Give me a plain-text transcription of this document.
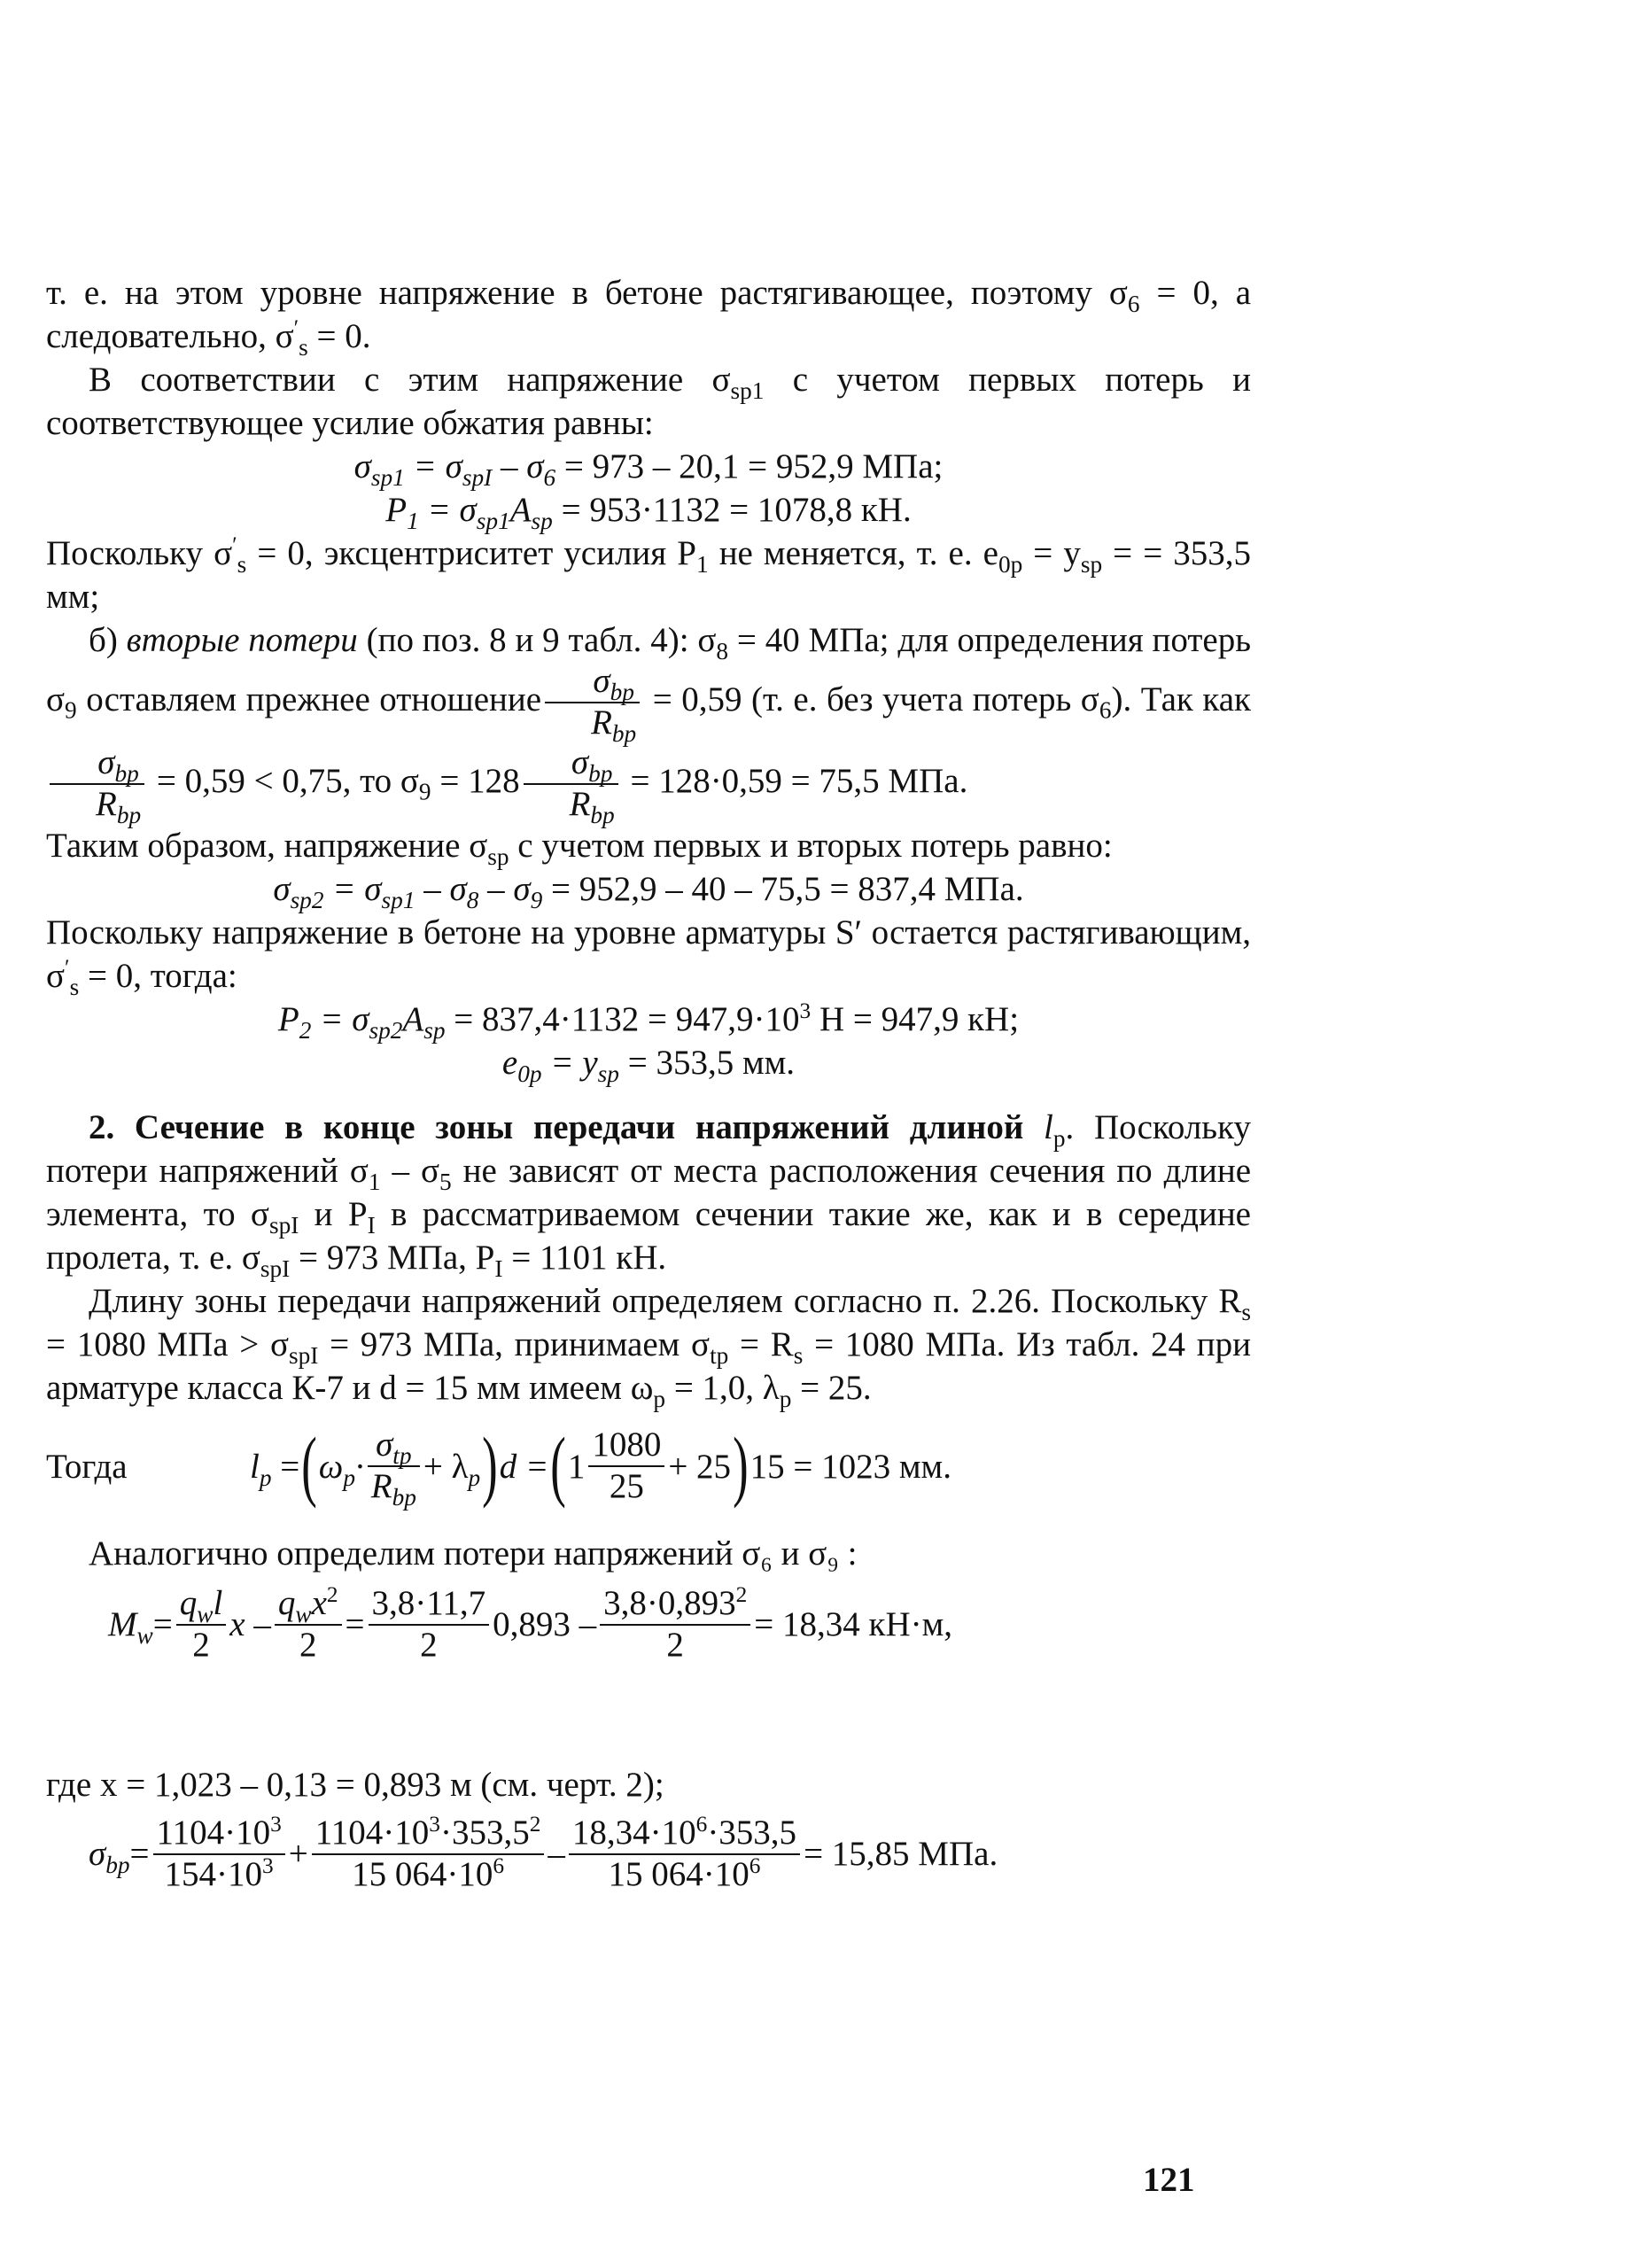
т. е. на этом уровне напряжение в бетоне растягивающее, поэтому $\sigma_6 = 0$, а следовательно, $\sigma'_s = 0$.

В соответствии с этим напряжение $\sigma_{sp1}$ с учетом первых потерь и соответствующее усилие обжатия равны:

$\sigma_{sp1} = \sigma_{spI} - \sigma_6 = 973 - 20,1 = 952,9$ МПа;

$P_1 = \sigma_{sp1}A_{sp} = 953\cdot 1132 = 1078,8$ кН.

Поскольку $\sigma'_s = 0$, эксцентриситет усилия $P_1$ не меняется, т. е. $e_{0p} = y_{sp}$ = = 353,5 мм;

б) вторые потери (по поз. 8 и 9 табл. 4): $\sigma_8 = 40$ МПа; для определения потерь $\sigma_9$ оставляем прежнее отношение $\frac{\sigma_{bp}}{R_{bp}} = 0,59$ (т. е. без учета потерь $\sigma_6$). Так как
$\frac{\sigma_{bp}}{R_{bp}} = 0,59 < 0,75$, то $\sigma_9 = 128 \frac{\sigma_{bp}}{R_{bp}} = 128\cdot 0,59 = 75,5$ МПа.

Таким образом, напряжение $\sigma_{sp}$ с учетом первых и вторых потерь равно:

$\sigma_{sp2} = \sigma_{sp1} - \sigma_8 - \sigma_9 = 952,9 - 40 - 75,5 = 837,4$ МПа.

Поскольку напряжение в бетоне на уровне арматуры S′ остается растягивающим, $\sigma'_s = 0$, тогда:

$P_2 = \sigma_{sp2}A_{sp} = 837,4\cdot 1132 = 947,9\cdot 10^3$ Н = 947,9 кН;

$e_{0p} = y_{sp} = 353,5$ мм.

2. Сечение в конце зоны передачи напряжений длиной $l_p$. Поскольку потери напряжений $\sigma_1 - \sigma_5$ не зависят от места расположения сечения по длине элемента, то $\sigma_{spI}$ и $P_I$ в рассматриваемом сечении такие же, как и в середине пролета, т. е. $\sigma_{spI} = 973$ МПа, $P_I = 1101$ кН.

Длину зоны передачи напряжений определяем согласно п. 2.26. Поскольку $R_s = 1080$ МПа > $\sigma_{spI} = 973$ МПа, принимаем $\sigma_{tp} = R_s = 1080$ МПа. Из табл. 24 при арматуре класса К-7 и d = 15 мм имеем $\omega_p = 1,0$, $\lambda_p = 25$.

Тогда	$l_p$ = ( $\omega_p\cdot \frac{\sigma_{tp}}{R_{bp}} + \lambda_p$ ) d = ( $1 \frac{1080}{25} + 25$ ) 15 = 1023 мм.

Аналогично определим потери напряжений σ₆ и σ₉ :

$M_w = \frac{q_wl}{2}$ $x - \frac{q_wx^2}{2} = \frac{3,8\cdot 11,7}{2} 0,893 - \frac{3,8\cdot 0,893^2}{2} = 18,34$ кН·м,

где x = 1,023 – 0,13 = 0,893 м (см. черт. 2);

$\sigma_{bp} = \frac{1104\cdot 10^3}{154\cdot 10^3} + \frac{1104\cdot 10^3\cdot 353,5^2}{15 064\cdot 10^6} - \frac{18,34\cdot 10^6\cdot 353,5}{15 064\cdot 10^6} = 15,85$ МПа.
121
